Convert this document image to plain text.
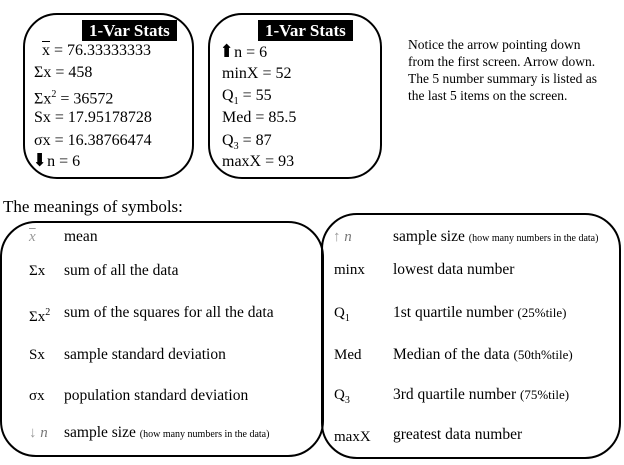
1-Var Stats
$\overline{x} = 76.33333333$
Σx = 458
$\Sigma x^2 = 36572$
Sx = 17.95178728
σx = 16.38766474
⬇n = 6
1-Var Stats
⬆n = 6
minX = 52
$Q_1 = 55$
Med = 85.5
$Q_3 = 87$
maxX = 93
Notice the arrow pointing down from the first screen. Arrow down. The 5 number summary is listed as the last 5 items on the screen.
The meanings of symbols:
$\overline{x}$ mean
Σx sum of all the data
$\Sigma x^2$ sum of the squares for all the data
Sx sample standard deviation
σx population standard deviation
↓ n sample size (how many numbers in the data)
↑ n	sample size (how many numbers in the data)
minx lowest data number
$Q_1$	1st quartile number (25%tile)
Med Median of the data (50th%tile)
$Q_3$	3rd quartile number (75%tile)
maxX greatest data number
